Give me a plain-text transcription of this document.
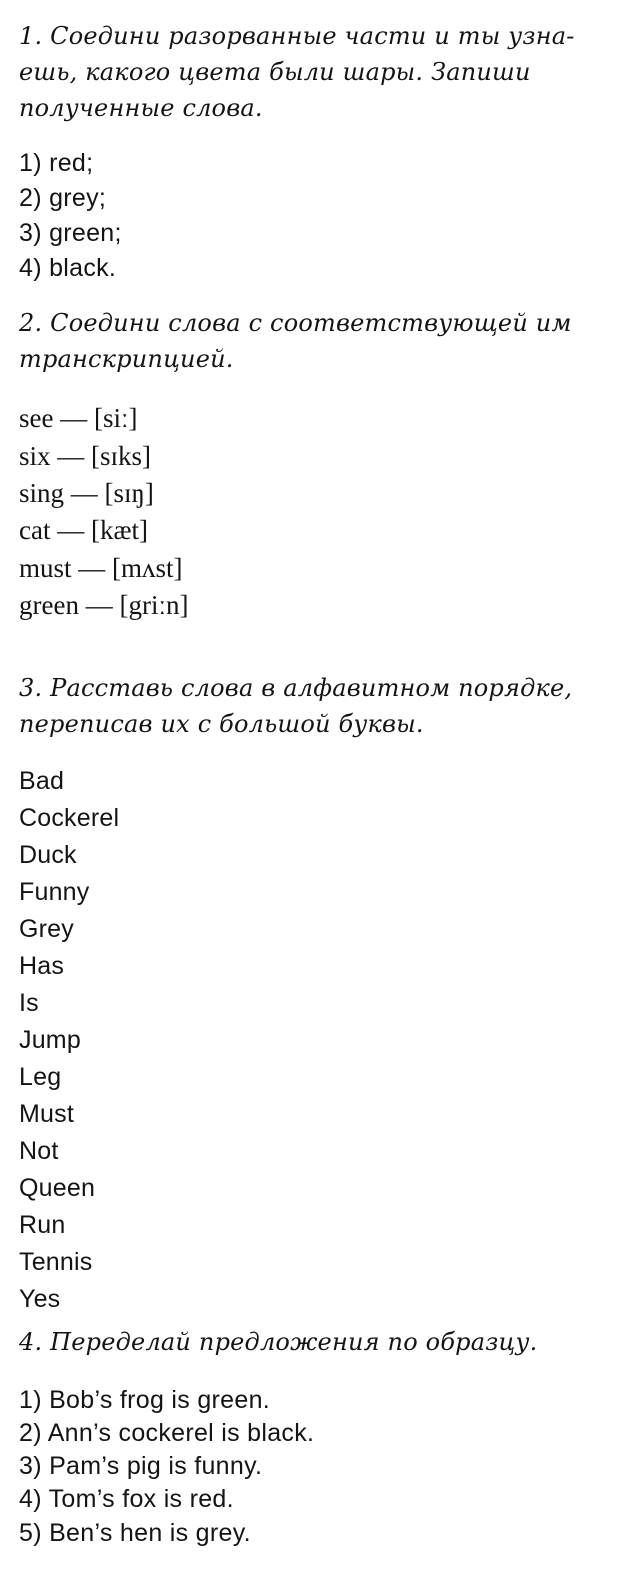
1. Соедини разорванные части и ты узна-

ешь, какого цвета были шары. Запиши

полученные слова.

1) red;

2) grey;

3) green;

4) black.

2. Соедини слова с соответствующей им

транскрипцией.

see — [siː]

six — [sɪks]

sing — [sɪŋ]

cat — [kæt]

must — [mʌst]

green — [griːn]

3. Расставь слова в алфавитном порядке,

переписав их с большой буквы.

Bad

Cockerel

Duck

Funny

Grey

Has

Is

Jump

Leg

Must

Not

Queen

Run

Tennis

Yes

4. Переделай предложения по образцу.

1) Bob’s frog is green.

2) Ann’s cockerel is black.

3) Pam’s pig is funny.

4) Tom’s fox is red.

5) Ben’s hen is grey.
